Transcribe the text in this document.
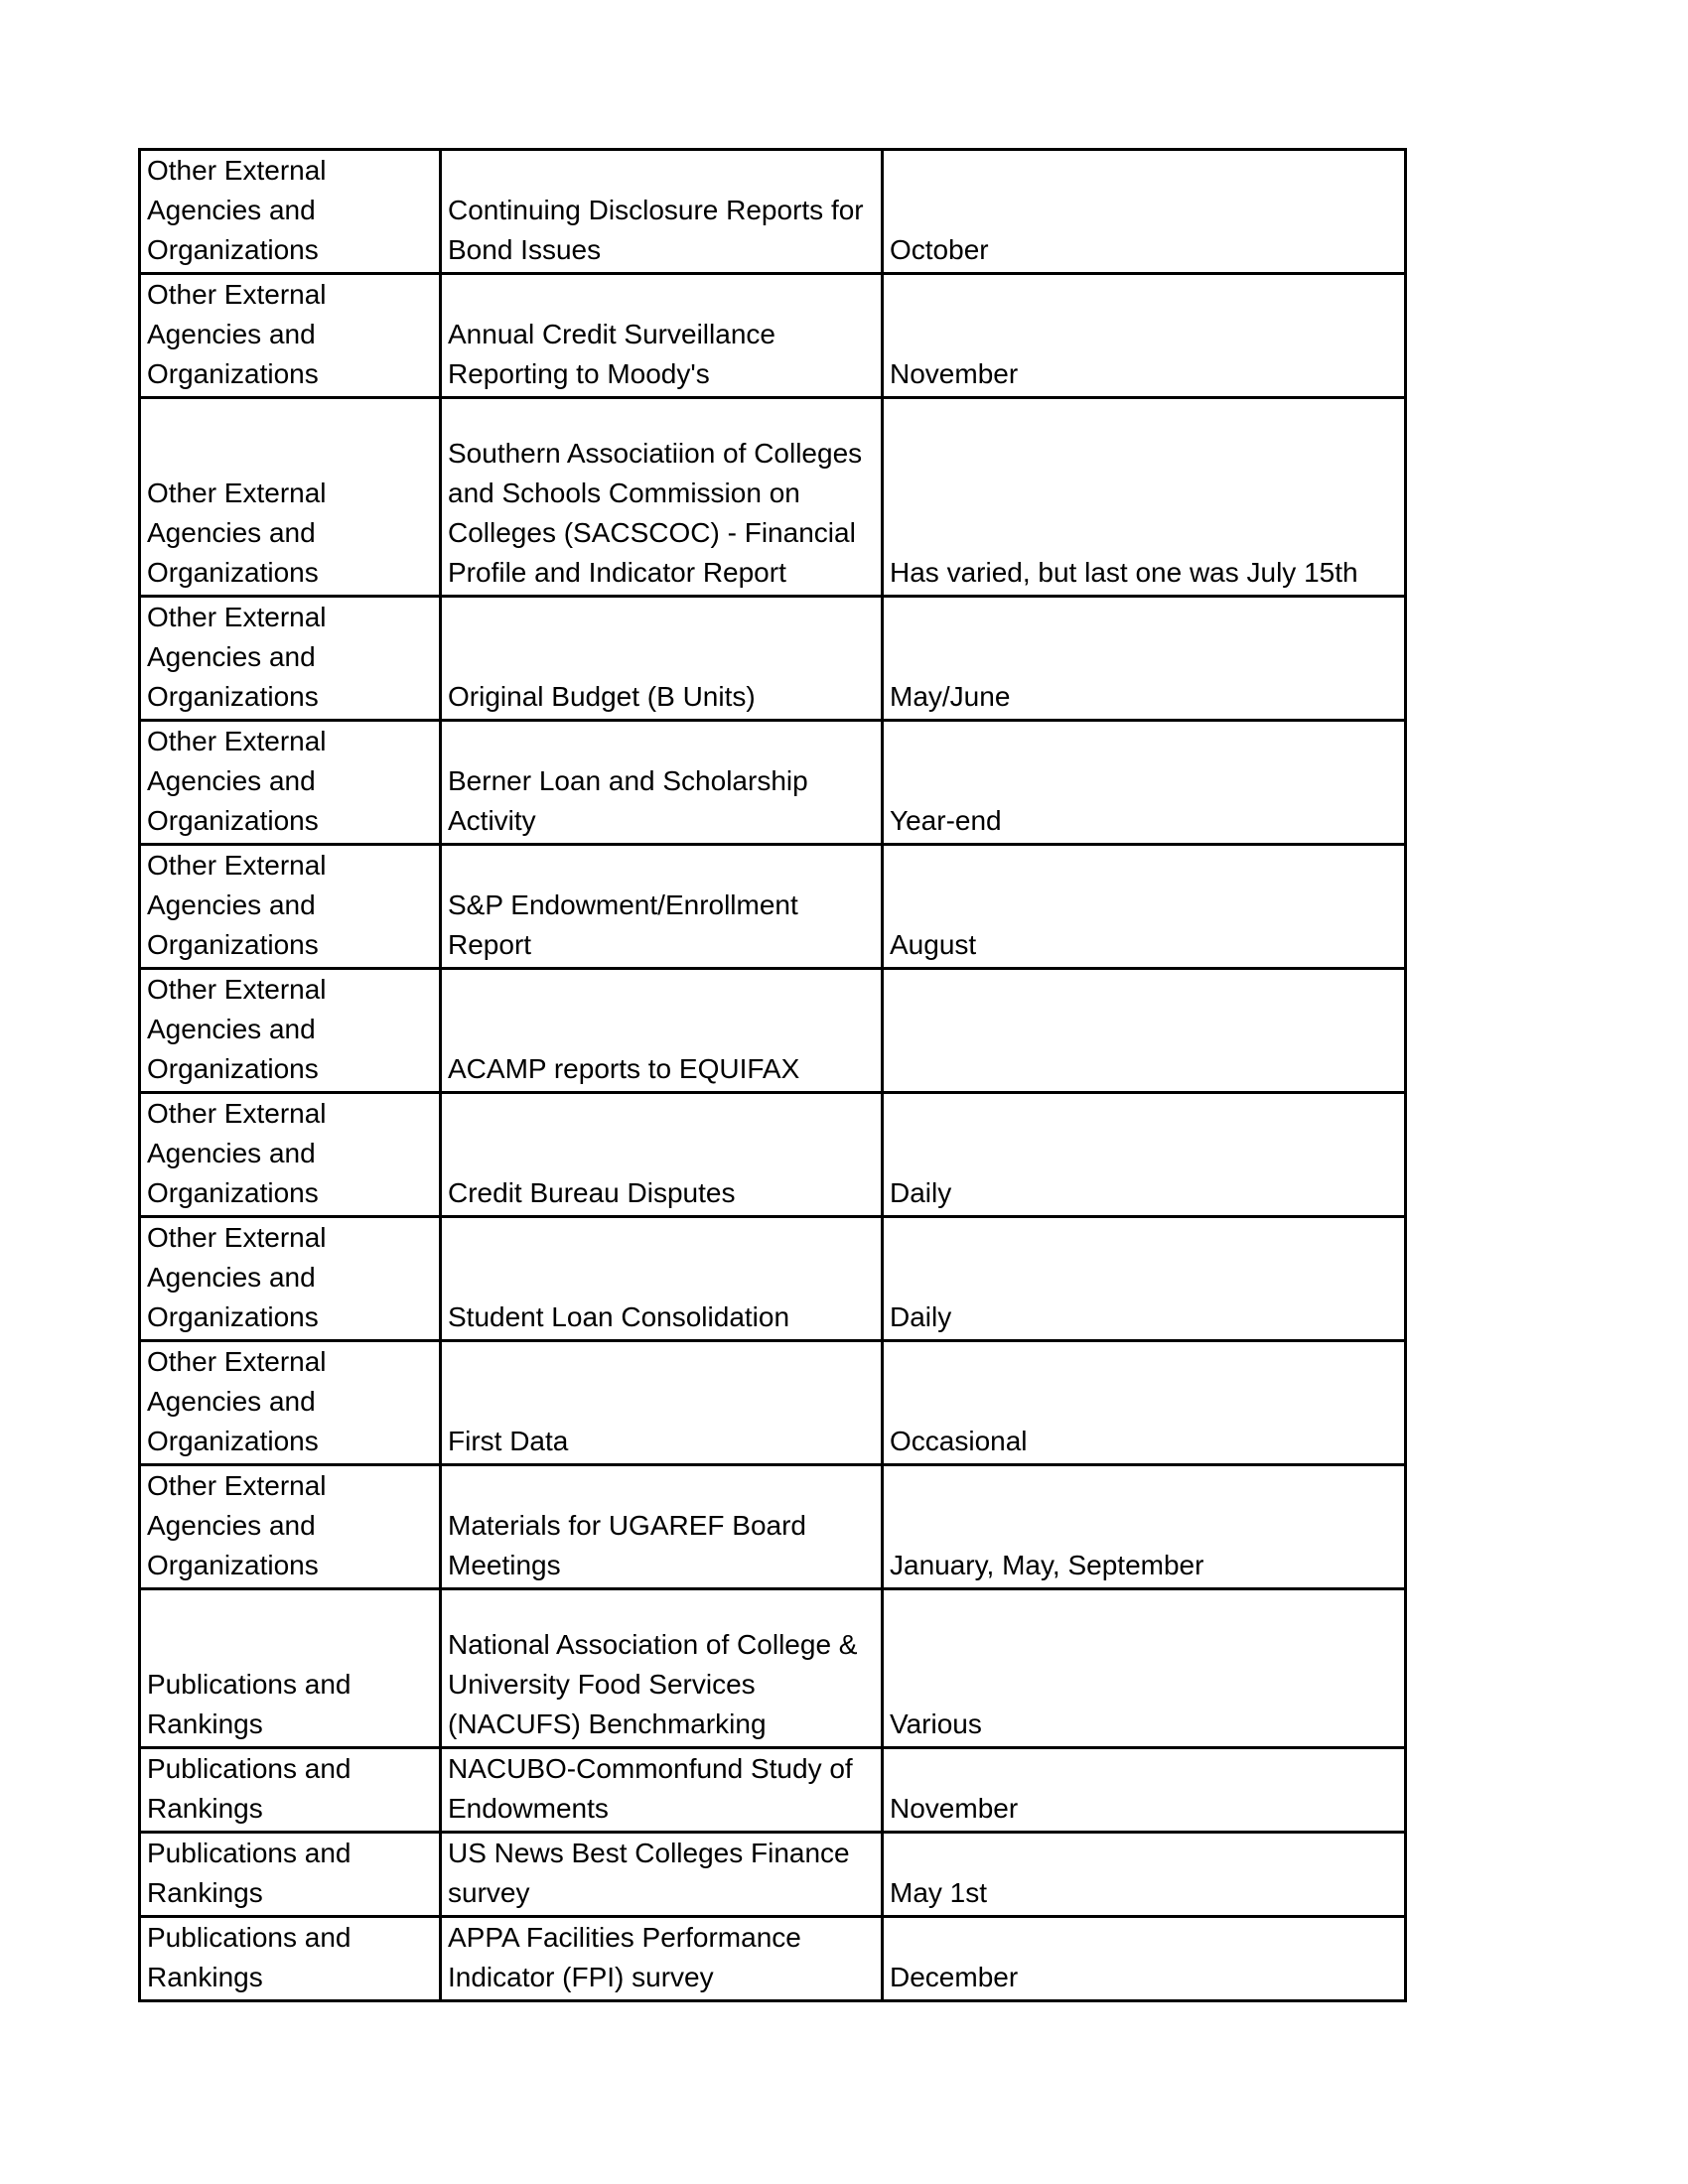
Other External Agencies and Organizations	Continuing Disclosure Reports for Bond Issues	October
Other External Agencies and Organizations	Annual Credit Surveillance Reporting to Moody's	November
Other External Agencies and Organizations	Southern Associatiion of Colleges and Schools Commission on Colleges (SACSCOC) - Financial Profile and Indicator Report	Has varied, but last one was July 15th
Other External Agencies and Organizations	Original Budget (B Units)	May/June
Other External Agencies and Organizations	Berner Loan and Scholarship Activity	Year-end
Other External Agencies and Organizations	S&P Endowment/Enrollment Report	August
Other External Agencies and Organizations	ACAMP reports to EQUIFAX	
Other External Agencies and Organizations	Credit Bureau Disputes	Daily
Other External Agencies and Organizations	Student Loan Consolidation	Daily
Other External Agencies and Organizations	First Data	Occasional
Other External Agencies and Organizations	Materials for UGAREF Board Meetings	January, May, September
Publications and Rankings	National Association of College & University Food Services (NACUFS) Benchmarking	Various
Publications and Rankings	NACUBO-Commonfund Study of Endowments	November
Publications and Rankings	US News Best Colleges Finance survey	May 1st
Publications and Rankings	APPA Facilities Performance Indicator (FPI) survey	December
